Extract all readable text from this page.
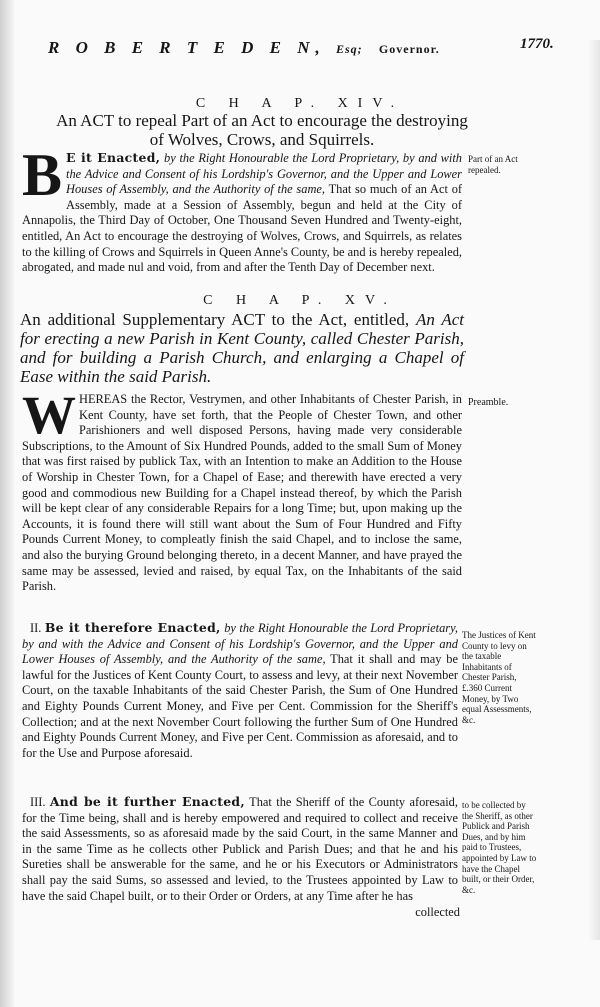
R O B E R T E D E N, Esq; Governor.	1770.
C H A P. XIV.
An ACT to repeal Part of an Act to encourage the destroying of Wolves, Crows, and Squirrels.
B E it Enacted, by the Right Honourable the Lord Proprietary, by and with the Advice and Consent of his Lordship's Governor, and the Upper and Lower Houses of Assembly, and the Authority of the same, That so much of an Act of Assembly, made at a Session of Assembly, begun and held at the City of Annapolis, the Third Day of October, One Thousand Seven Hundred and Twenty-eight, entitled, An Act to encourage the destroying of Wolves, Crows, and Squirrels, as relates to the killing of Crows and Squirrels in Queen Anne's County, be and is hereby repealed, abrogated, and made nul and void, from and after the Tenth Day of December next.
Part of an Act repealed.
C H A P. XV.
An additional Supplementary ACT to the Act, entitled, An Act for erecting a new Parish in Kent County, called Chester Parish, and for building a Parish Church, and enlarging a Chapel of Ease within the said Parish.
W HEREAS the Rector, Vestrymen, and other Inhabitants of Chester Parish, in Kent County, have set forth, that the People of Chester Town, and other Parishioners and well disposed Persons, having made very considerable Subscriptions, to the Amount of Six Hundred Pounds, added to the small Sum of Money that was first raised by publick Tax, with an Intention to make an Addition to the House of Worship in Chester Town, for a Chapel of Ease; and therewith have erected a very good and commodious new Building for a Chapel instead thereof, by which the Parish will be kept clear of any considerable Repairs for a long Time; but, upon making up the Accounts, it is found there will still want about the Sum of Four Hundred and Fifty Pounds Current Money, to compleatly finish the said Chapel, and to inclose the same, and also the burying Ground belonging thereto, in a decent Manner, and have prayed the same may be assessed, levied and raised, by equal Tax, on the Inhabitants of the said Parish.
Preamble.
II. Be it therefore Enacted, by the Right Honourable the Lord Proprietary, by and with the Advice and Consent of his Lordship's Governor, and the Upper and Lower Houses of Assembly, and the Authority of the same, That it shall and may be lawful for the Justices of Kent County Court, to assess and levy, at their next November Court, on the taxable Inhabitants of the said Chester Parish, the Sum of One Hundred and Eighty Pounds Current Money, and Five per Cent. Commission for the Sheriff's Collection; and at the next November Court following the further Sum of One Hundred and Eighty Pounds Current Money, and Five per Cent. Commission as aforesaid, and to for the Use and Purpose aforesaid.
The Justices of Kent County to levy on the taxable Inhabitants of Chester Parish, £.360 Current Money, by Two equal Assessments, &c.
III. And be it further Enacted, That the Sheriff of the County aforesaid, for the Time being, shall and is hereby empowered and required to collect and receive the said Assessments, so as aforesaid made by the said Court, in the same Manner and in the same Time as he collects other Publick and Parish Dues; and that he and his Sureties shall be answerable for the same, and he or his Executors or Administrators shall pay the said Sums, so assessed and levied, to the Trustees appointed by Law to have the said Chapel built, or to their Order or Orders, at any Time after he has
collected
to be collected by the Sheriff, as other Publick and Parish Dues, and by him paid to Trustees, appointed by Law to have the Chapel built, or their Order, &c.
